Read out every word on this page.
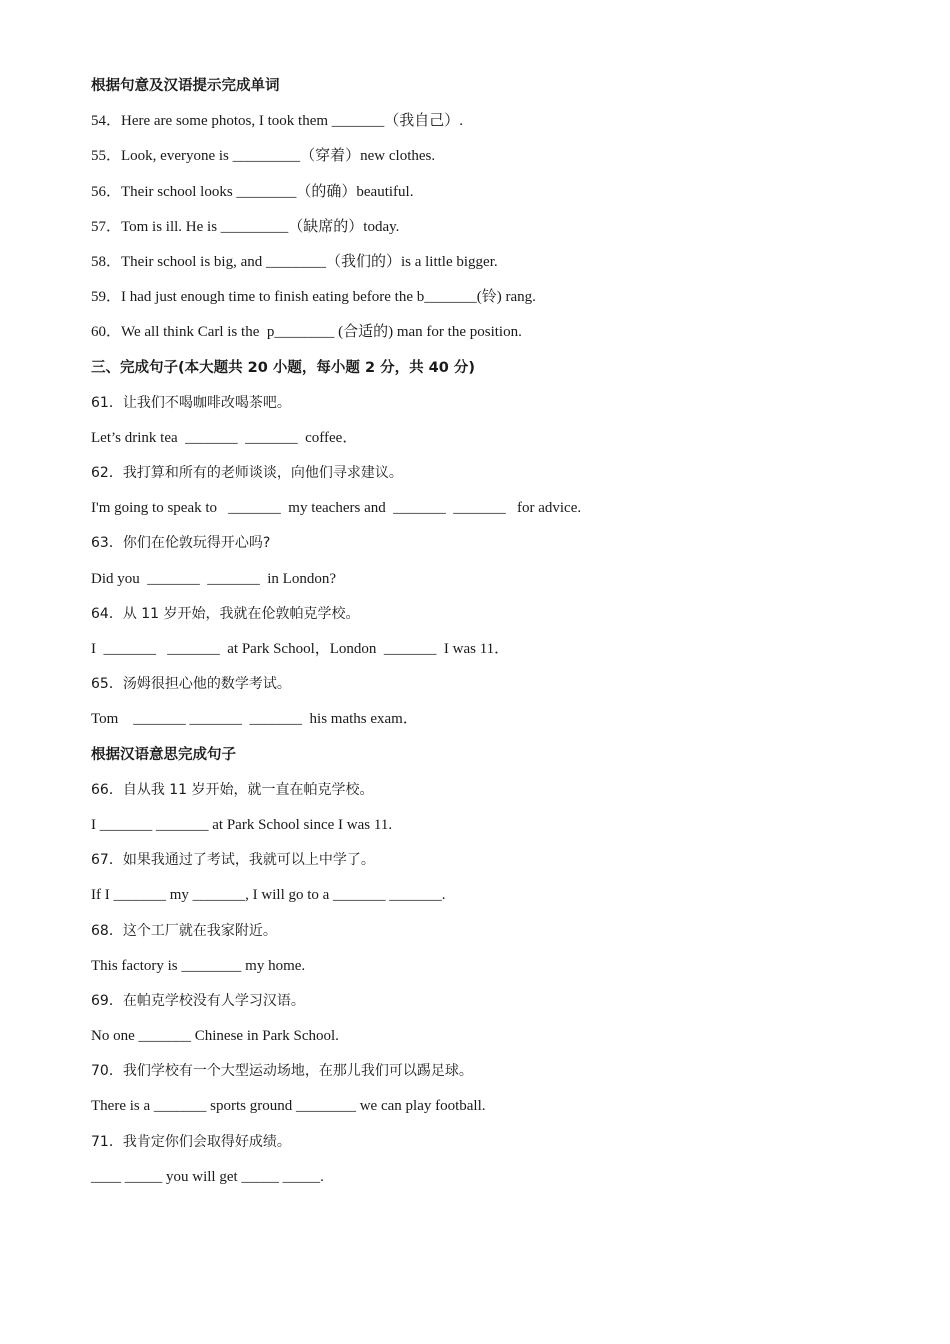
根据句意及汉语提示完成单词
54．Here are some photos, I took them _______（我自己）.
55．Look, everyone is _________（穿着）new clothes.
56．Their school looks ________（的确）beautiful.
57．Tom is ill. He is _________（缺席的）today.
58．Their school is big, and ________（我们的）is a little bigger.
59．I had just enough time to finish eating before the b_______(铃) rang.
60．We all think Carl is the  p________ (合适的) man for the position.
三、完成句子(本大题共 20 小题，每小题 2 分，共 40 分)
61．让我们不喝咖啡改喝茶吧。
Let’s drink tea  _______  _______  coffee．
62．我打算和所有的老师谈谈，向他们寻求建议。
I'm going to speak to   _______  my teachers and  _______  _______   for advice.
63．你们在伦敦玩得开心吗?
Did you  _______  _______  in London?
64．从 11 岁开始，我就在伦敦帕克学校。
I  _______   _______  at Park School，London  _______  I was 11．
65．汤姆很担心他的数学考试。
Tom    _______ _______  _______  his maths exam．
根据汉语意思完成句子
66．自从我 11 岁开始，就一直在帕克学校。
I _______ _______ at Park School since I was 11.
67．如果我通过了考试，我就可以上中学了。
If I _______ my _______, I will go to a _______ _______.
68．这个工厂就在我家附近。
This factory is ________ my home.
69．在帕克学校没有人学习汉语。
No one _______ Chinese in Park School.
70．我们学校有一个大型运动场地，在那儿我们可以踢足球。
There is a _______ sports ground ________ we can play football.
71．我肯定你们会取得好成绩。
____ _____ you will get _____ _____.
